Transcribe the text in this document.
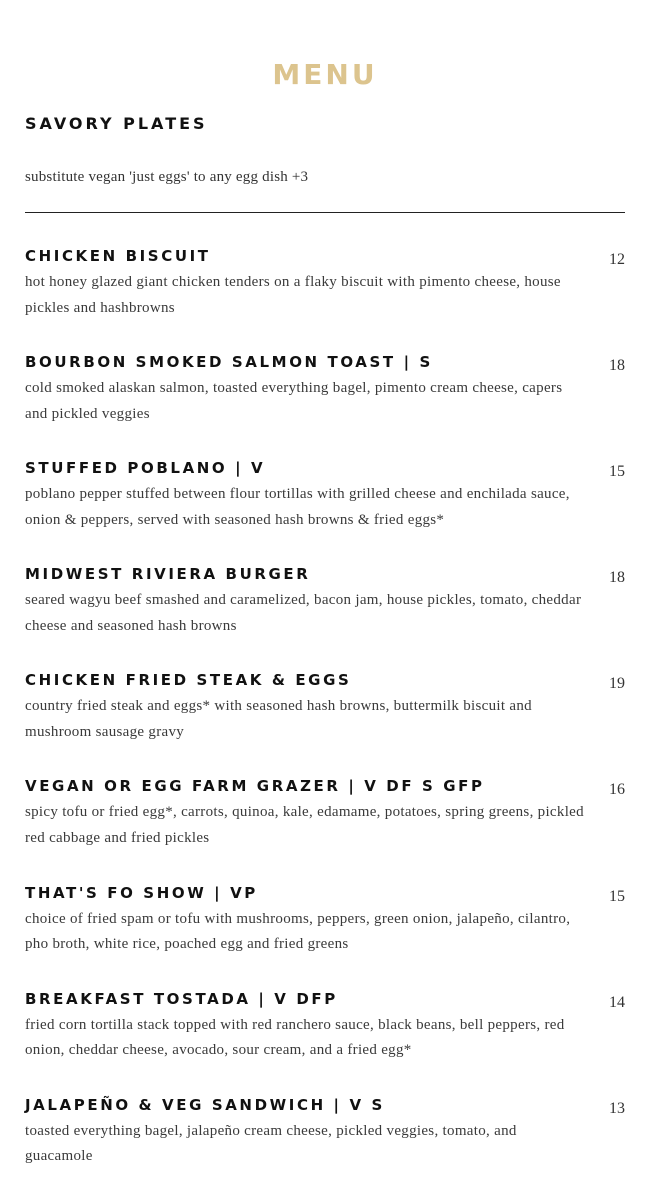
MENU
SAVORY PLATES
substitute vegan 'just eggs' to any egg dish +3
CHICKEN BISCUIT	12
hot honey glazed giant chicken tenders on a flaky biscuit with pimento cheese, house pickles and hashbrowns
BOURBON SMOKED SALMON TOAST | S	18
cold smoked alaskan salmon, toasted everything bagel, pimento cream cheese, capers and pickled veggies
STUFFED POBLANO | V	15
poblano pepper stuffed between flour tortillas with grilled cheese and enchilada sauce, onion & peppers, served with seasoned hash browns & fried eggs*
MIDWEST RIVIERA BURGER	18
seared wagyu beef smashed and caramelized, bacon jam, house pickles, tomato, cheddar cheese and seasoned hash browns
CHICKEN FRIED STEAK & EGGS	19
country fried steak and eggs* with seasoned hash browns, buttermilk biscuit and mushroom sausage gravy
VEGAN OR EGG FARM GRAZER | V DF S GFP	16
spicy tofu or fried egg*, carrots, quinoa, kale, edamame, potatoes, spring greens, pickled red cabbage and fried pickles
THAT'S FO SHOW | VP	15
choice of fried spam or tofu with mushrooms, peppers, green onion, jalapeño, cilantro, pho broth, white rice, poached egg and fried greens
BREAKFAST TOSTADA | V DFP	14
fried corn tortilla stack topped with red ranchero sauce, black beans, bell peppers, red onion, cheddar cheese, avocado, sour cream, and a fried egg*
JALAPEÑO & VEG SANDWICH | V S	13
toasted everything bagel, jalapeño cream cheese, pickled veggies, tomato, and guacamole
